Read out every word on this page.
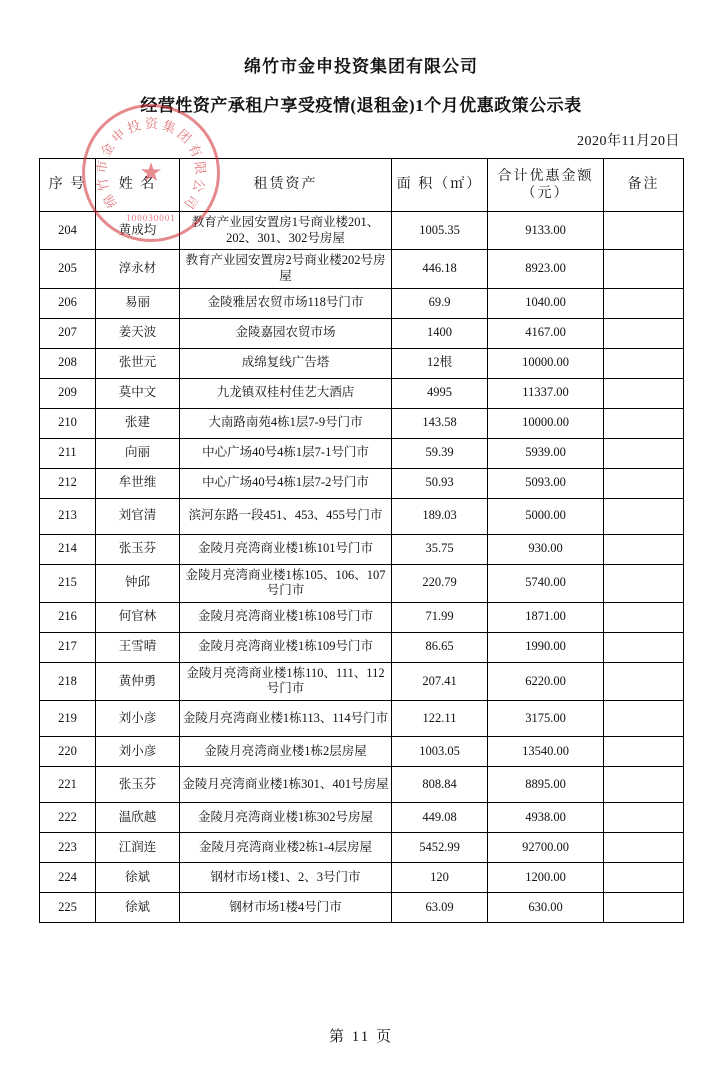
★
绵
竹
市
金
申
投 资 集
团
有
限
公
司
100030001
绵竹市金申投资集团有限公司
经营性资产承租户享受疫情(退租金)1个月优惠政策公示表
2020年11月20日
序 号	姓 名	租赁资产	面 积（㎡）	合计优惠金额（元）	备注
204	黄成均	教育产业园安置房1号商业楼201、202、301、302号房屋	1005.35	9133.00	
205	淳永材	教育产业园安置房2号商业楼202号房屋	446.18	8923.00	
206	易丽	金陵雅居农贸市场118号门市	69.9	1040.00	
207	姜天波	金陵嘉园农贸市场	1400	4167.00	
208	张世元	成绵复线广告塔	12根	10000.00	
209	莫中文	九龙镇双桂村佳艺大酒店	4995	11337.00	
210	张建	大南路南苑4栋1层7-9号门市	143.58	10000.00	
211	向丽	中心广场40号4栋1层7-1号门市	59.39	5939.00	
212	牟世维	中心广场40号4栋1层7-2号门市	50.93	5093.00	
213	刘官清	滨河东路一段451、453、455号门市	189.03	5000.00	
214	张玉芬	金陵月亮湾商业楼1栋101号门市	35.75	930.00	
215	钟邱	金陵月亮湾商业楼1栋105、106、107号门市	220.79	5740.00	
216	何官林	金陵月亮湾商业楼1栋108号门市	71.99	1871.00	
217	王雪晴	金陵月亮湾商业楼1栋109号门市	86.65	1990.00	
218	黄仲勇	金陵月亮湾商业楼1栋110、111、112号门市	207.41	6220.00	
219	刘小彦	金陵月亮湾商业楼1栋113、114号门市	122.11	3175.00	
220	刘小彦	金陵月亮湾商业楼1栋2层房屋	1003.05	13540.00	
221	张玉芬	金陵月亮湾商业楼1栋301、401号房屋	808.84	8895.00	
222	温欣越	金陵月亮湾商业楼1栋302号房屋	449.08	4938.00	
223	江润连	金陵月亮湾商业楼2栋1-4层房屋	5452.99	92700.00	
224	徐斌	钢材市场1楼1、2、3号门市	120	1200.00	
225	徐斌	钢材市场1楼4号门市	63.09	630.00	
第 11 页
